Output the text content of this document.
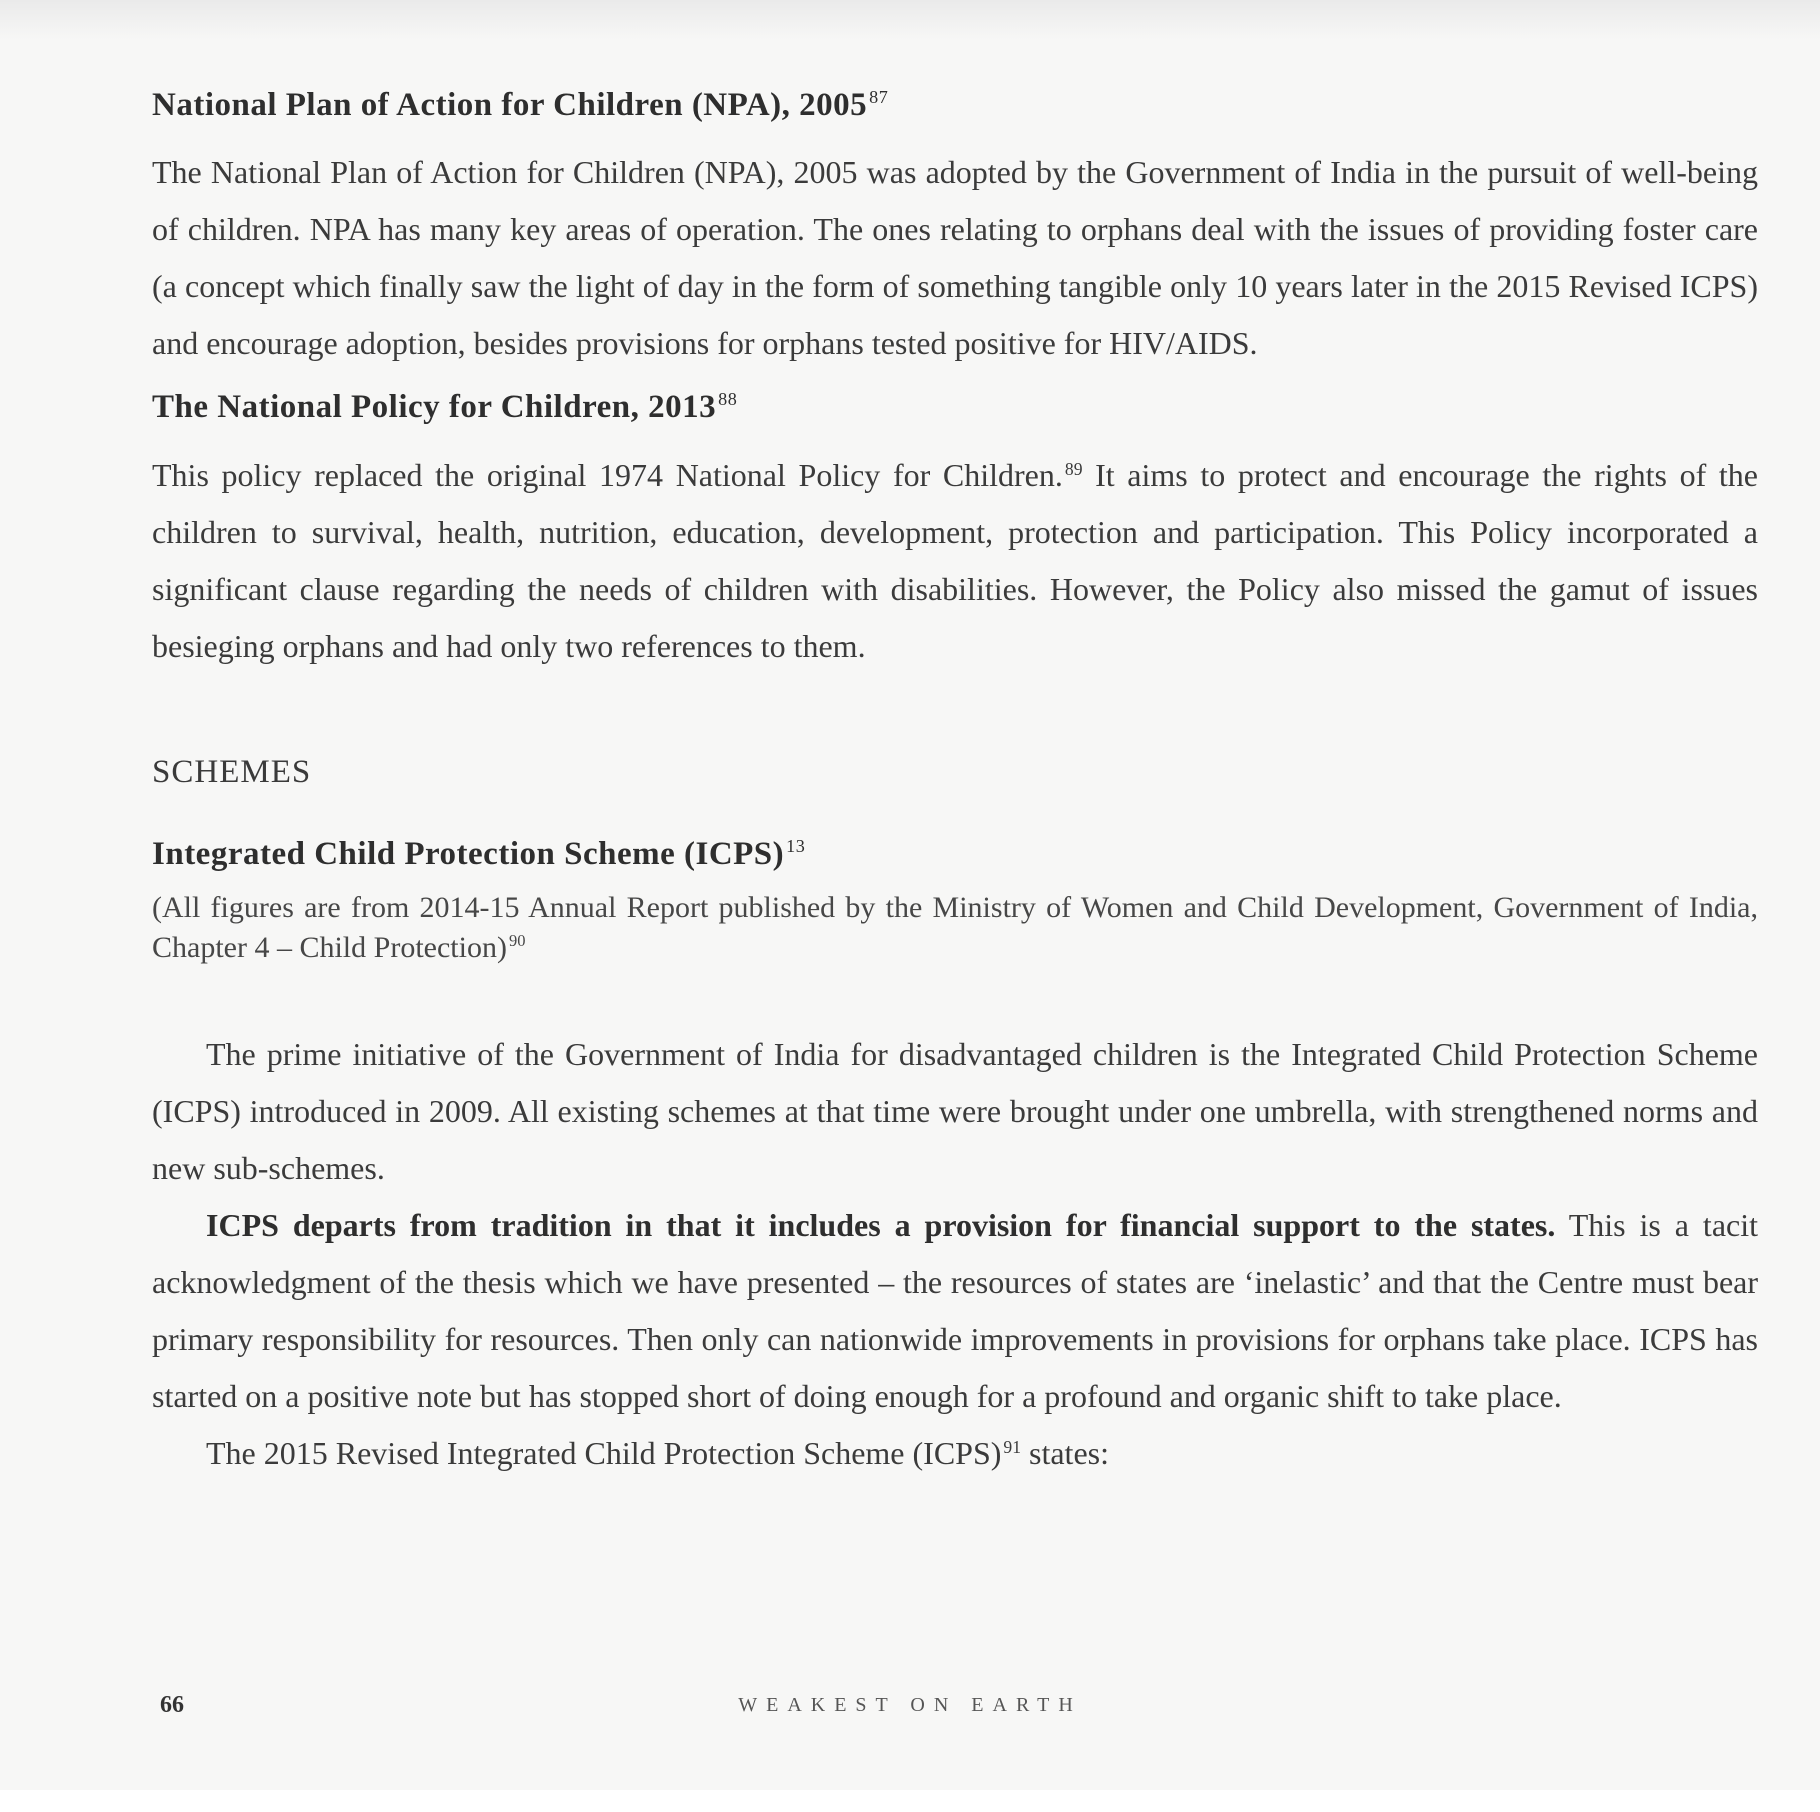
National Plan of Action for Children (NPA), 2005 $^{87}$

The National Plan of Action for Children (NPA), 2005 was adopted by the Government of India in the pursuit of well-being of children. NPA has many key areas of operation. The ones relating to orphans deal with the issues of providing foster care (a concept which finally saw the light of day in the form of something tangible only 10 years later in the 2015 Revised ICPS) and encourage adoption, besides provisions for orphans tested positive for HIV/AIDS.

The National Policy for Children, 2013 $^{88}$

This policy replaced the original 1974 National Policy for Children. $^{89}$ It aims to protect and encourage the rights of the children to survival, health, nutrition, education, development, protection and participation. This Policy incorporated a significant clause regarding the needs of children with disabilities. However, the Policy also missed the gamut of issues besieging orphans and had only two references to them.

SCHEMES
Integrated Child Protection Scheme (ICPS) $^{13}$
(All figures are from 2014-15 Annual Report published by the Ministry of Women and Child Development, Government of India, Chapter 4 – Child Protection) $^{90}$

The prime initiative of the Government of India for disadvantaged children is the Integrated Child Protection Scheme (ICPS) introduced in 2009. All existing schemes at that time were brought under one umbrella, with strengthened norms and new sub-schemes.

ICPS departs from tradition in that it includes a provision for financial support to the states. This is a tacit acknowledgment of the thesis which we have presented – the resources of states are ‘inelastic’ and that the Centre must bear primary responsibility for resources. Then only can nationwide improvements in provisions for orphans take place. ICPS has started on a positive note but has stopped short of doing enough for a profound and organic shift to take place.

The 2015 Revised Integrated Child Protection Scheme (ICPS) $^{91}$ states:

66	WEAKEST ON EARTH
